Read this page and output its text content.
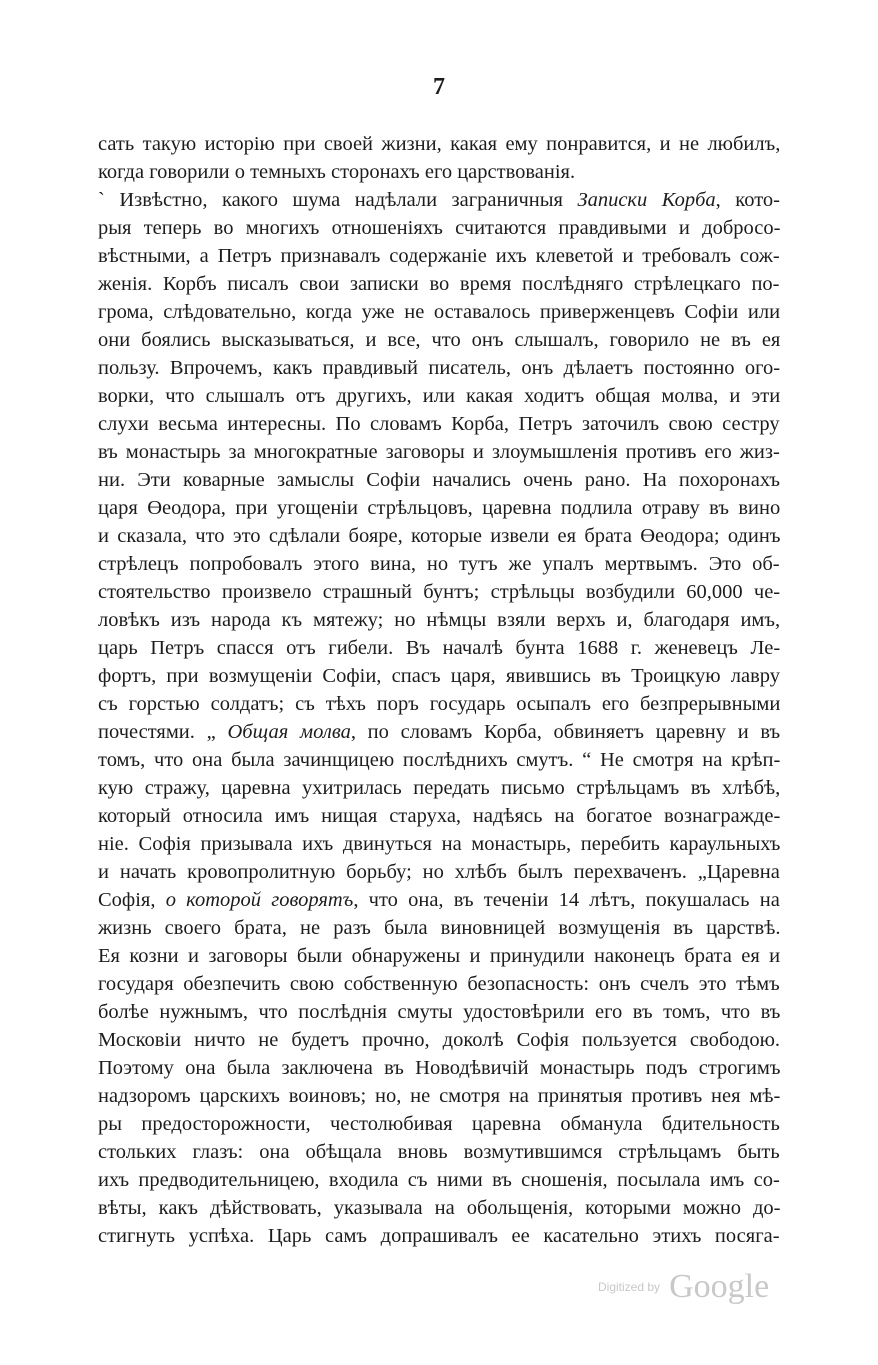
7
сать такую исторію при своей жизни, какая ему понравится, и не любилъ,
когда говорили о темныхъ сторонахъ его царствованія.
` Извѣстно, какого шума надѣлали заграничныя Записки Корба, кото-
рыя теперь во многихъ отношеніяхъ считаются правдивыми и добросо-
вѣстными, а Петръ признавалъ содержаніе ихъ клеветой и требовалъ сож-
женія. Корбъ писалъ свои записки во время послѣдняго стрѣлецкаго по-
грома, слѣдовательно, когда уже не оставалось приверженцевъ Софіи или
они боялись высказываться, и все, что онъ слышалъ, говорило не въ ея
пользу. Впрочемъ, какъ правдивый писатель, онъ дѣлаетъ постоянно ого-
ворки, что слышалъ отъ другихъ, или какая ходитъ общая молва, и эти
слухи весьма интересны. По словамъ Корба, Петръ заточилъ свою сестру
въ монастырь за многократные заговоры и злоумышленія противъ его жиз-
ни. Эти коварные замыслы Софіи начались очень рано. На похоронахъ
царя Өеодора, при угощеніи стрѣльцовъ, царевна подлила отраву въ вино
и сказала, что это сдѣлали бояре, которые извели ея брата Өеодора; одинъ
стрѣлецъ попробовалъ этого вина, но тутъ же упалъ мертвымъ. Это об-
стоятельство произвело страшный бунтъ; стрѣльцы возбудили 60,000 че-
ловѣкъ изъ народа къ мятежу; но нѣмцы взяли верхъ и, благодаря имъ,
царь Петръ спасся отъ гибели. Въ началѣ бунта 1688 г. женевецъ Ле-
фортъ, при возмущеніи Софіи, спасъ царя, явившись въ Троицкую лавру
съ горстью солдатъ; съ тѣхъ поръ государь осыпалъ его безпрерывными
почестями. „ Общая молва, по словамъ Корба, обвиняетъ царевну и въ
томъ, что она была зачинщицею послѣднихъ смутъ. “ Не смотря на крѣп-
кую стражу, царевна ухитрилась передать письмо стрѣльцамъ въ хлѣбѣ,
который относила имъ нищая старуха, надѣясь на богатое вознагражде-
ніе. Софія призывала ихъ двинуться на монастырь, перебить караульныхъ
и начать кровопролитную борьбу; но хлѣбъ былъ перехваченъ. „Царевна
Софія, о которой говорятъ, что она, въ теченіи 14 лѣтъ, покушалась на
жизнь своего брата, не разъ была виновницей возмущенія въ царствѣ.
Ея козни и заговоры были обнаружены и принудили наконецъ брата ея и
государя обезпечить свою собственную безопасность: онъ счелъ это тѣмъ
болѣе нужнымъ, что послѣднія смуты удостовѣрили его въ томъ, что въ
Московіи ничто не будетъ прочно, доколѣ Софія пользуется свободою.
Поэтому она была заключена въ Новодѣвичій монастырь подъ строгимъ
надзоромъ царскихъ воиновъ; но, не смотря на принятыя противъ нея мѣ-
ры предосторожности, честолюбивая царевна обманула бдительность
стольких глазъ: она обѣщала вновь возмутившимся стрѣльцамъ быть
ихъ предводительницею, входила съ ними въ сношенія, посылала имъ со-
вѣты, какъ дѣйствовать, указывала на обольщенія, которыми можно до-
стигнуть успѣха. Царь самъ допрашивалъ ее касательно этихъ посяга-
Digitized by Google
